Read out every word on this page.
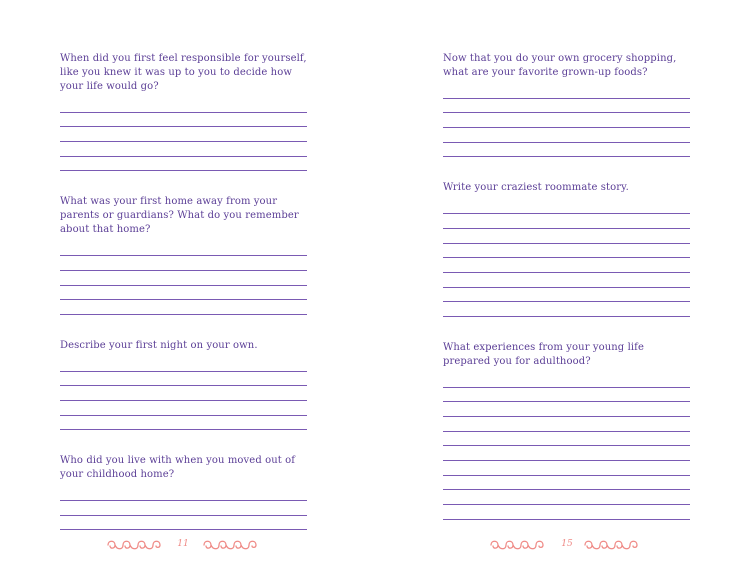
When did you first feel responsible for yourself, like you knew it was up to you to decide how your life would go?

What was your first home away from your parents or guardians? What do you remember about that home?

Describe your first night on your own.

Who did you live with when you moved out of your childhood home?

11

Now that you do your own grocery shopping, what are your favorite grown-up foods?

Write your craziest roommate story.

What experiences from your young life prepared you for adulthood?

15
